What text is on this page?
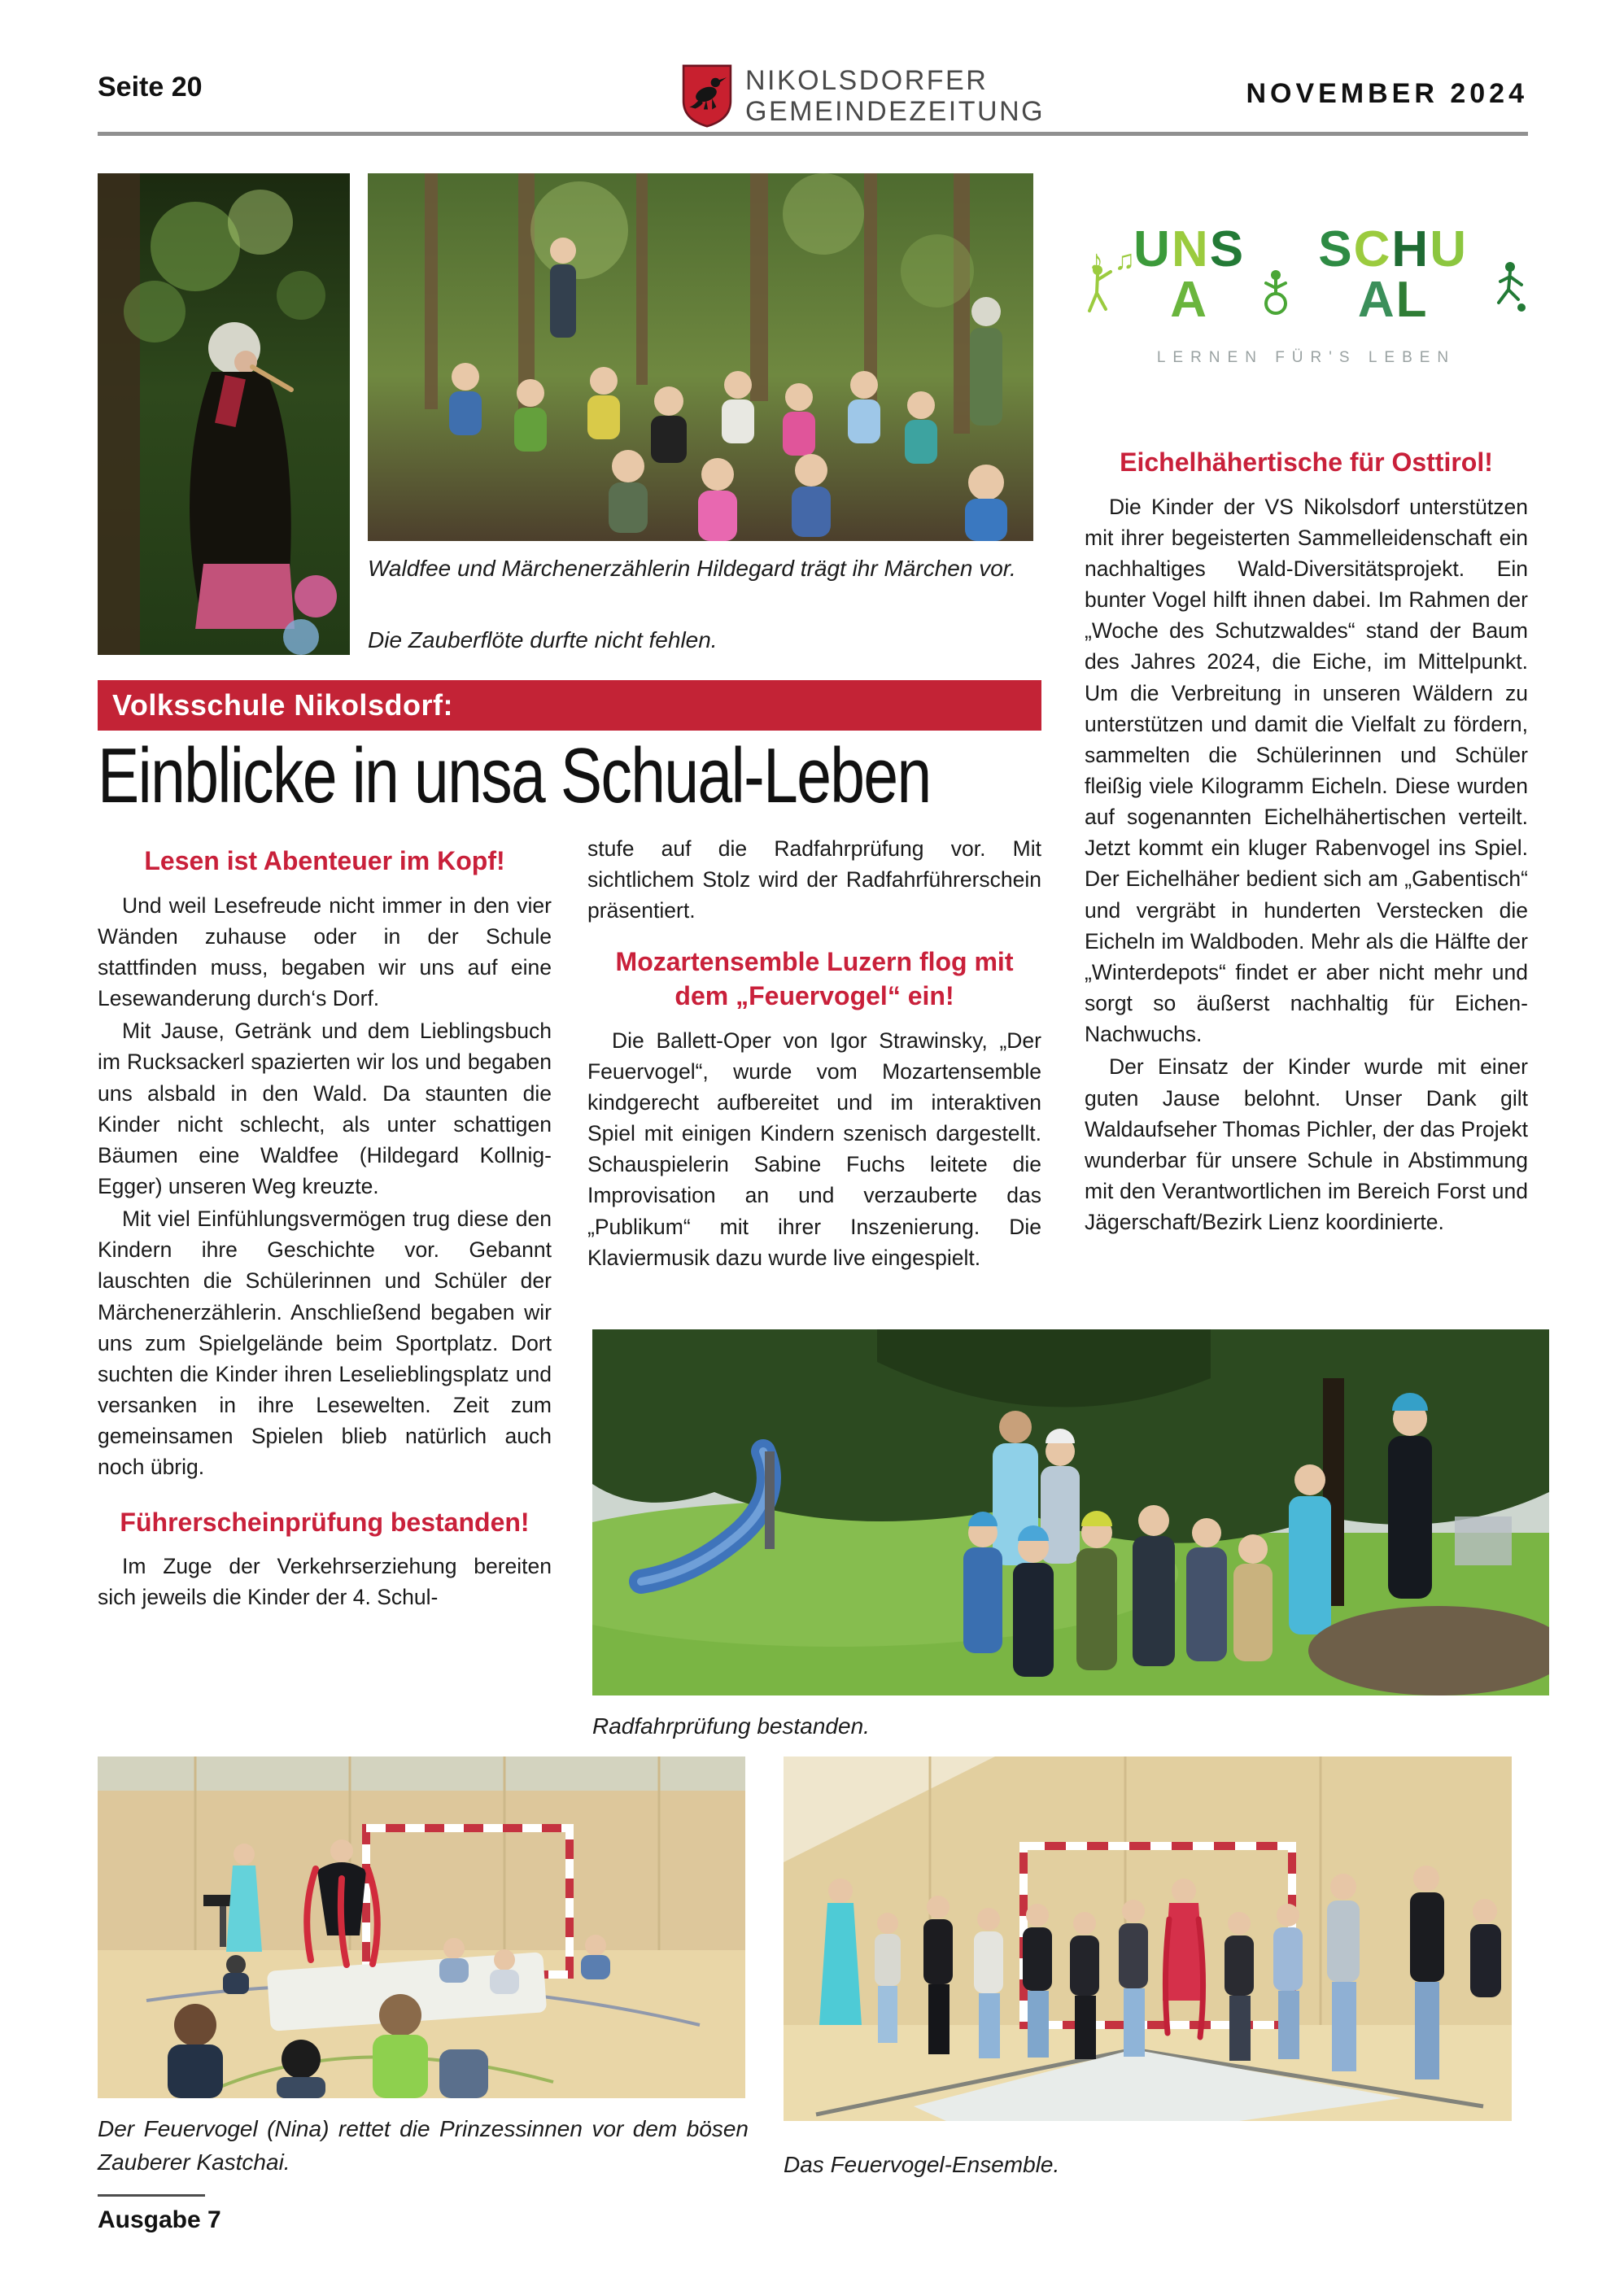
Seite 20	NIKOLSDORFER
GEMEINDEZEITUNG
NOVEMBER 2024
Waldfee und Märchenerzählerin Hildegard trägt ihr Märchen vor.
Die Zauberflöte durfte nicht fehlen.
Volksschule Nikolsdorf:
Einblicke in unsa Schual-Leben
Lesen ist Abenteuer im Kopf!

Und weil Lesefreude nicht immer in den vier Wänden zuhause oder in der Schule stattfinden muss, begaben wir uns auf eine Lesewanderung durch‘s Dorf.

Mit Jause, Getränk und dem Lieblingsbuch im Rucksackerl spazierten wir los und begaben uns alsbald in den Wald. Da staunten die Kinder nicht schlecht, als unter schattigen Bäumen eine Waldfee (Hildegard Kollnig-Egger) unseren Weg kreuzte.

Mit viel Einfühlungsvermögen trug diese den Kindern ihre Geschichte vor. Gebannt lauschten die Schülerinnen und Schüler der Märchenerzählerin. Anschließend begaben wir uns zum Spielgelände beim Sportplatz. Dort suchten die Kinder ihren Leselieblingsplatz und versanken in ihre Lesewelten. Zeit zum gemeinsamen Spielen blieb natürlich auch noch übrig.

Führerscheinprüfung bestanden!

Im Zuge der Verkehrserziehung bereiten sich jeweils die Kinder der 4. Schul-

stufe auf die Radfahrprüfung vor. Mit sichtlichem Stolz wird der Radfahrführerschein präsentiert.

Mozartensemble Luzern flog mit dem „Feuervogel“ ein!

Die Ballett-Oper von Igor Strawinsky, „Der Feuervogel“, wurde vom Mozartensemble kindgerecht aufbereitet und im interaktiven Spiel mit einigen Kindern szenisch dargestellt. Schauspielerin Sabine Fuchs leitete die Improvisation an und verzauberte das „Publikum“ mit ihrer Inszenierung. Die Klaviermusik dazu wurde live eingespielt.

♪ ♫
UNSA
SCHUAL
LERNEN FÜR'S LEBEN
Eichelhähertische für Osttirol!

Die Kinder der VS Nikolsdorf unterstützen mit ihrer begeisterten Sammelleidenschaft ein nachhaltiges Wald-Diversitätsprojekt. Ein bunter Vogel hilft ihnen dabei. Im Rahmen der „Woche des Schutzwaldes“ stand der Baum des Jahres 2024, die Eiche, im Mittelpunkt. Um die Verbreitung in unseren Wäldern zu unterstützen und damit die Vielfalt zu fördern, sammelten die Schülerinnen und Schüler fleißig viele Kilogramm Eicheln. Diese wurden auf sogenannten Eichelhähertischen verteilt. Jetzt kommt ein kluger Rabenvogel ins Spiel. Der Eichelhäher bedient sich am „Gabentisch“ und vergräbt in hunderten Verstecken die Eicheln im Waldboden. Mehr als die Hälfte der „Winterdepots“ findet er aber nicht mehr und sorgt so äußerst nachhaltig für Eichen-Nachwuchs.

Der Einsatz der Kinder wurde mit einer guten Jause belohnt. Unser Dank gilt Waldaufseher Thomas Pichler, der das Projekt wunderbar für unsere Schule in Abstimmung mit den Verantwortlichen im Bereich Forst und Jägerschaft/Bezirk Lienz koordinierte.

Radfahrprüfung bestanden.
Der Feuervogel (Nina) rettet die Prinzessinnen vor dem bösen Zauberer Kastchai.	Das Feuervogel-Ensemble.
Ausgabe 7
